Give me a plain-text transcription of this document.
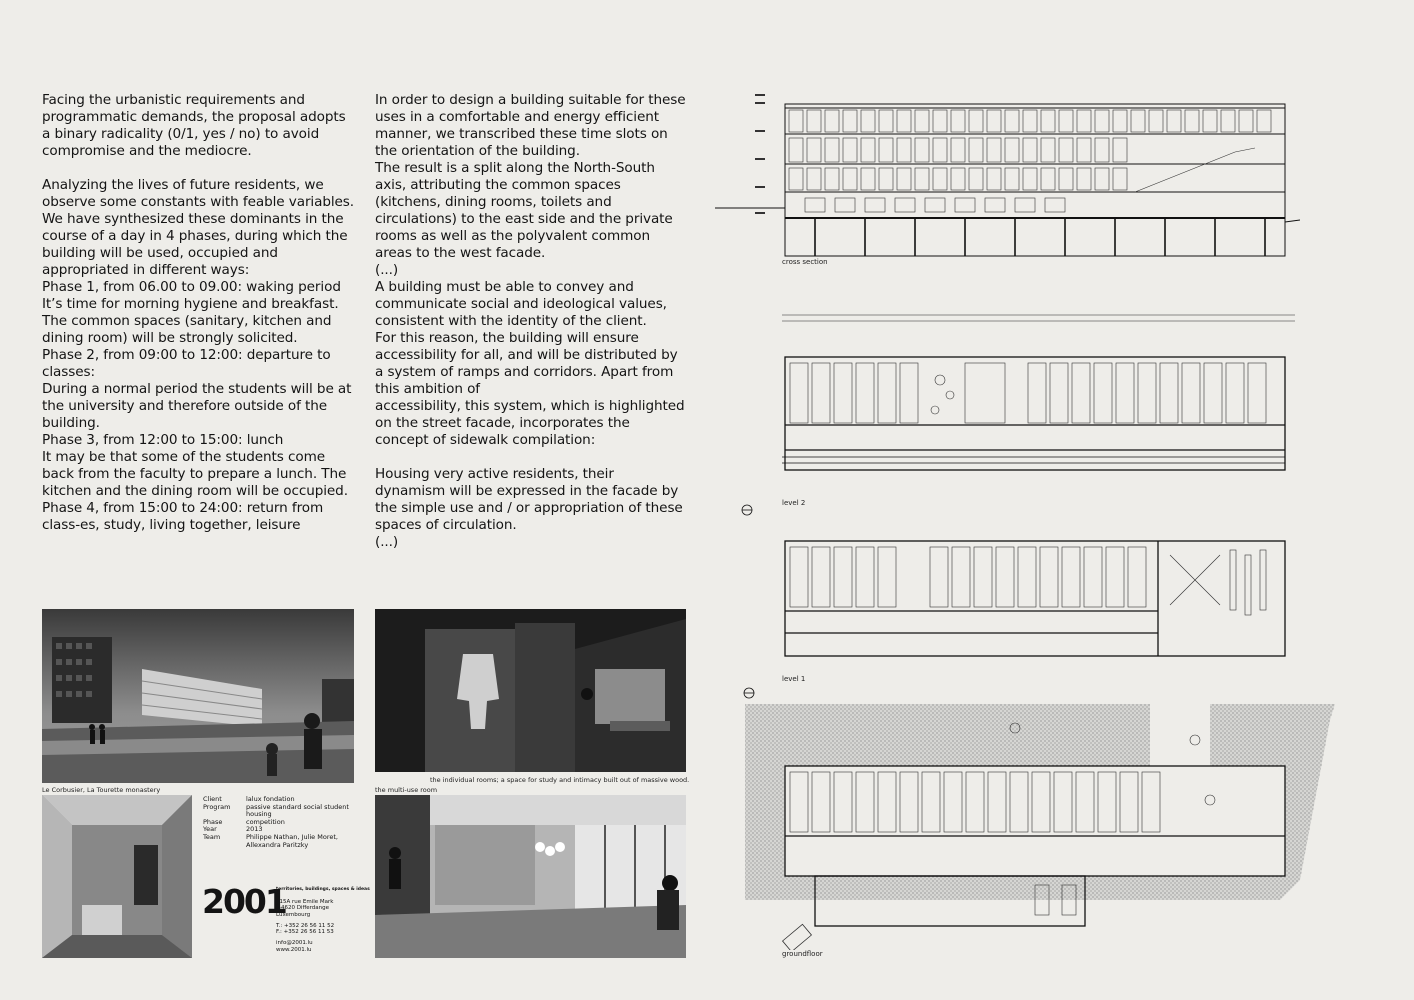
Facing the urbanistic requirements and programmatic demands, the proposal adopts a binary radicality (0/1, yes / no) to avoid compromise and the mediocre.

Analyzing the lives of future residents, we observe some constants with feable variables. We have synthesized these dominants in the course of a day in 4 phases, during which the building will be used, occupied and appropriated in different ways:
Phase 1, from 06.00 to 09.00: waking period
It’s time for morning hygiene and breakfast. The common spaces (sanitary, kitchen and dining room) will be strongly solicited.
Phase 2, from 09:00 to 12:00: departure to classes:
During a normal period the students will be at the university and therefore outside of the building.
Phase 3, from 12:00 to 15:00: lunch
It may be that some of the students come back from the faculty to prepare a lunch. The kitchen and the dining room will be occupied.
Phase 4, from 15:00 to 24:00: return from class-es, study, living together, leisure

In order to design a building suitable for these uses in a comfortable and energy efficient manner, we transcribed these time slots on the orientation of the building.
The result is a split along the North-South axis, attributing the common spaces (kitchens, dining rooms, toilets and circulations) to the east side and the private rooms as well as the polyvalent common areas to the west facade.
(...)
A building must be able to convey and communicate social and ideological values, consistent with the identity of the client.
For this reason, the building will ensure accessibility for all, and will be distributed by a system of ramps and corridors. Apart from this ambition of
accessibility, this system, which is highlighted on the street facade, incorporates the concept of sidewalk compilation:

Housing very active residents, their dynamism will be expressed in the facade by the simple use and / or appropriation of these spaces of circulation.
(...)

the individual rooms; a space for study and intimacy built out of massive wood.
Le Corbusier, La Tourette monastery
Client	lalux fondation
Program	passive standard social student housing
Phase	competition
Year	2013
Team	Philippe Nathan, Julie Moret, Allexandra Paritzky
2001
territories, buildings, spaces & ideas
115A rue Emile Mark
L-4620 Differdange
Luxembourg
T.: +352 26 56 11 52
F.: +352 26 56 11 53
info@2001.lu
www.2001.lu
the multi-use room
cross section
level 2
level 1
groundfloor
